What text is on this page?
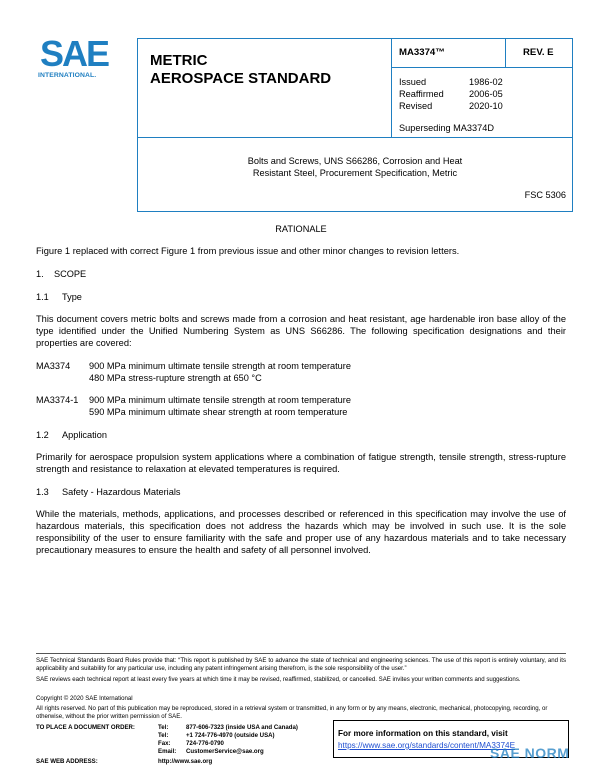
SAE
INTERNATIONAL.
METRIC
AEROSPACE STANDARD
MA3374™	REV. E
Issued	1986-02
Reaffirmed	2006-05
Revised	2020-10
Superseding MA3374D
Bolts and Screws, UNS S66286, Corrosion and Heat
Resistant Steel, Procurement Specification, Metric
FSC 5306
RATIONALE
Figure 1 replaced with correct Figure 1 from previous issue and other minor changes to revision letters.
1. SCOPE
1.1 Type
This document covers metric bolts and screws made from a corrosion and heat resistant, age hardenable iron base alloy of the type identified under the Unified Numbering System as UNS S66286. The following specification designations and their properties are covered:
MA3374 900 MPa minimum ultimate tensile strength at room temperature
480 MPa stress-rupture strength at 650 °C
MA3374-1 900 MPa minimum ultimate tensile strength at room temperature
590 MPa minimum ultimate shear strength at room temperature
1.2 Application
Primarily for aerospace propulsion system applications where a combination of fatigue strength, tensile strength, stress-rupture strength and resistance to relaxation at elevated temperatures is required.
1.3 Safety - Hazardous Materials
While the materials, methods, applications, and processes described or referenced in this specification may involve the use of hazardous materials, this specification does not address the hazards which may be involved in such use. It is the sole responsibility of the user to ensure familiarity with the safe and proper use of any hazardous materials and to take necessary precautionary measures to ensure the health and safety of all personnel involved.
SAE Technical Standards Board Rules provide that: “This report is published by SAE to advance the state of technical and engineering sciences. The use of this report is entirely voluntary, and its applicability and suitability for any particular use, including any patent infringement arising therefrom, is the sole responsibility of the user.”
SAE reviews each technical report at least every five years at which time it may be revised, reaffirmed, stabilized, or cancelled. SAE invites your written comments and suggestions.
Copyright © 2020 SAE International
All rights reserved. No part of this publication may be reproduced, stored in a retrieval system or transmitted, in any form or by any means, electronic, mechanical, photocopying, recording, or otherwise, without the prior written permission of SAE.
TO PLACE A DOCUMENT ORDER:	Tel:	877-606-7323 (inside USA and Canada)
Tel:	+1 724-776-4970 (outside USA)
Fax:	724-776-0790
Email:	CustomerService@sae.org
SAE WEB ADDRESS:	http://www.sae.org
For more information on this standard, visit
https://www.sae.org/standards/content/MA3374E
SAE NORM
